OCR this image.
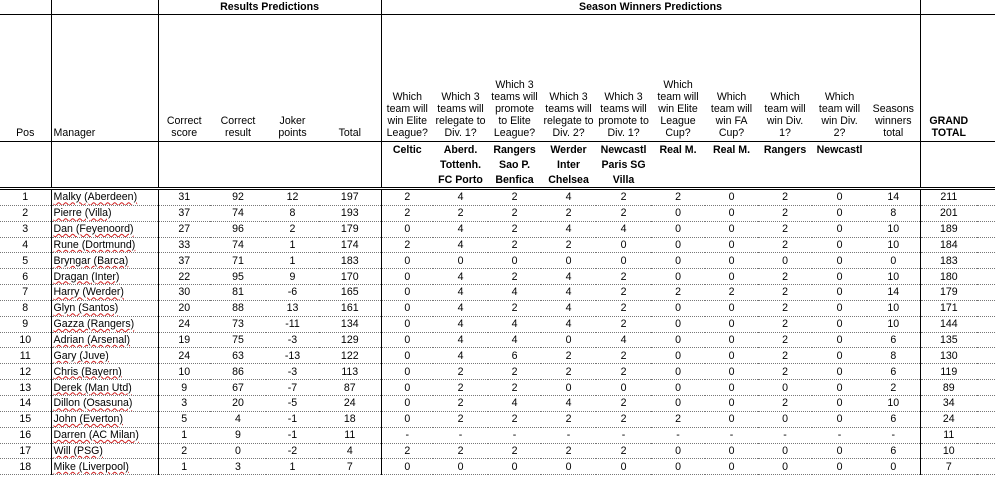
		Results Predictions				Season Winners Predictions											
Pos	Manager	Correct score	Correct result	Joker points	Total	Which team will win Elite League?	Which 3 teams will relegate to Div. 1?	Which 3 teams will promote to Elite League?	Which 3 teams will relegate to Div. 2?	Which 3 teams will promote to Div. 1?	Which team will win Elite League Cup?	Which team will win FA Cup?	Which team will win Div. 1?	Which team will win Div. 2?	Seasons winners total	GRAND TOTAL	
						Celtic	Aberd.	Rangers	Werder	Newcastl	Real M.	Real M.	Rangers	Newcastl			
							Tottenh.	Sao P.	Inter	Paris SG							
							FC Porto	Benfica	Chelsea	Villa							
1	Malky (Aberdeen)	31	92	12	197	2	4	2	4	2	2	0	2	0	14	211	
2	Pierre (Villa)	37	74	8	193	2	2	2	2	2	0	0	2	0	8	201	
3	Dan (Feyenoord)	27	96	2	179	0	4	2	4	4	0	0	2	0	10	189	
4	Rune (Dortmund)	33	74	1	174	2	4	2	2	0	0	0	2	0	10	184	
5	Bryngar (Barca)	37	71	1	183	0	0	0	0	0	0	0	0	0	0	183	
6	Dragan (Inter)	22	95	9	170	0	4	2	4	2	0	0	2	0	10	180	
7	Harry (Werder)	30	81	-6	165	0	4	4	4	2	2	2	2	0	14	179	
8	Glyn (Santos)	20	88	13	161	0	4	2	4	2	0	0	2	0	10	171	
9	Gazza (Rangers)	24	73	-11	134	0	4	4	4	2	0	0	2	0	10	144	
10	Adrian (Arsenal)	19	75	-3	129	0	4	4	0	4	0	0	2	0	6	135	
11	Gary (Juve)	24	63	-13	122	0	4	6	2	2	0	0	2	0	8	130	
12	Chris (Bayern)	10	86	-3	113	0	2	2	2	2	0	0	2	0	6	119	
13	Derek (Man Utd)	9	67	-7	87	0	2	2	0	0	0	0	0	0	2	89	
14	Dillon (Osasuna)	3	20	-5	24	0	2	4	4	2	0	0	2	0	10	34	
15	John (Everton)	5	4	-1	18	0	2	2	2	2	2	0	0	0	6	24	
16	Darren (AC Milan)	1	9	-1	11	-	-	-	-	-	-	-	-	-	-	11	
17	Will (PSG)	2	0	-2	4	2	2	2	2	2	0	0	0	0	6	10	
18	Mike (Liverpool)	1	3	1	7	0	0	0	0	0	0	0	0	0	0	7	
